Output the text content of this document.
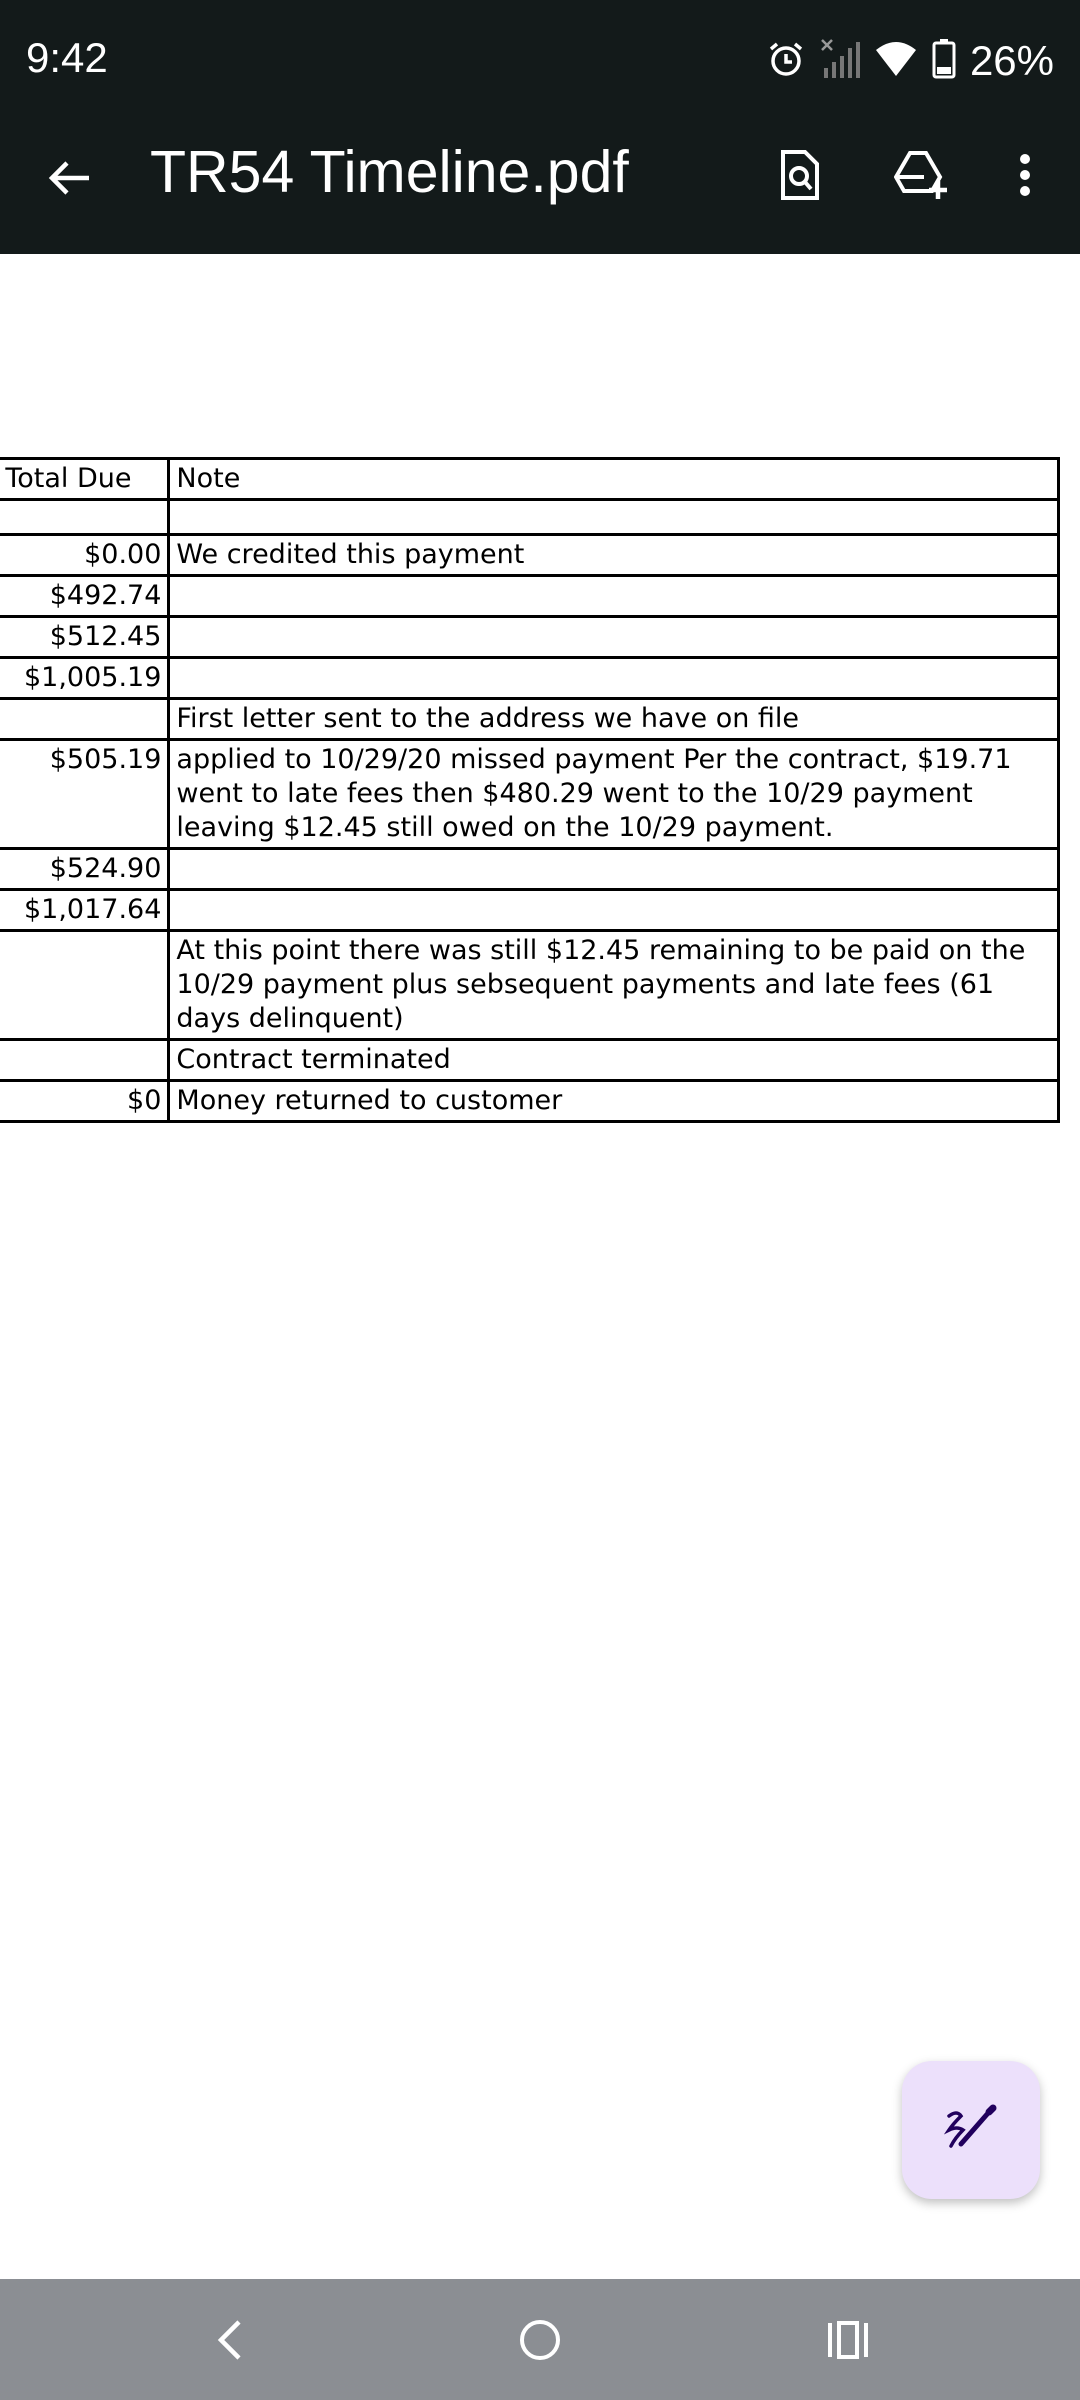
9:42	26%
TR54 Timeline.pdf
	Total Due	Note

	$0.00	We credited this payment
	$492.74	
	$512.45	
	$1,005.19	
		First letter sent to the address we have on file
	$505.19	applied to 10/29/20 missed payment Per the contract, $19.71 went to late fees then $480.29 went to the 10/29 payment leaving $12.45 still owed on the 10/29 payment.
	$524.90	
	$1,017.64	
		At this point there was still $12.45 remaining to be paid on the 10/29 payment plus sebsequent payments and late fees (61 days delinquent)
		Contract terminated
	$0	Money returned to customer
